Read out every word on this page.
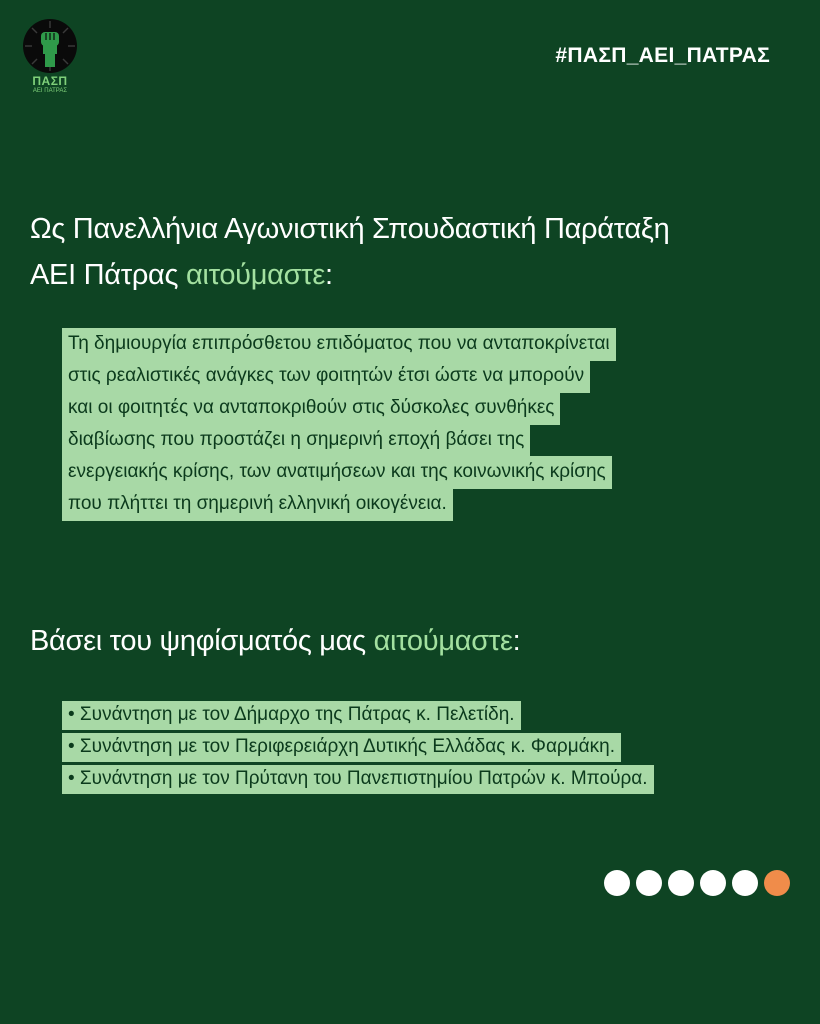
ΠΑΣΠ
ΑΕΙ ΠΑΤΡΑΣ
#ΠΑΣΠ_ΑΕΙ_ΠΑΤΡΑΣ
Ως Πανελλήνια Αγωνιστική Σπουδαστική Παράταξη
ΑΕΙ Πάτρας αιτούμαστε:
Τη δημιουργία επιπρόσθετου επιδόματος που να ανταποκρίνεται
στις ρεαλιστικές ανάγκες των φοιτητών έτσι ώστε να μπορούν
και οι φοιτητές να ανταποκριθούν στις δύσκολες συνθήκες
διαβίωσης που προστάζει η σημερινή εποχή βάσει της
ενεργειακής κρίσης, των ανατιμήσεων και της κοινωνικής κρίσης
που πλήττει τη σημερινή ελληνική οικογένεια.
Βάσει του ψηφίσματός μας αιτούμαστε:
• Συνάντηση με τον Δήμαρχο της Πάτρας κ. Πελετίδη.
• Συνάντηση με τον Περιφερειάρχη Δυτικής Ελλάδας κ. Φαρμάκη.
• Συνάντηση με τον Πρύτανη του Πανεπιστημίου Πατρών κ. Μπούρα.
